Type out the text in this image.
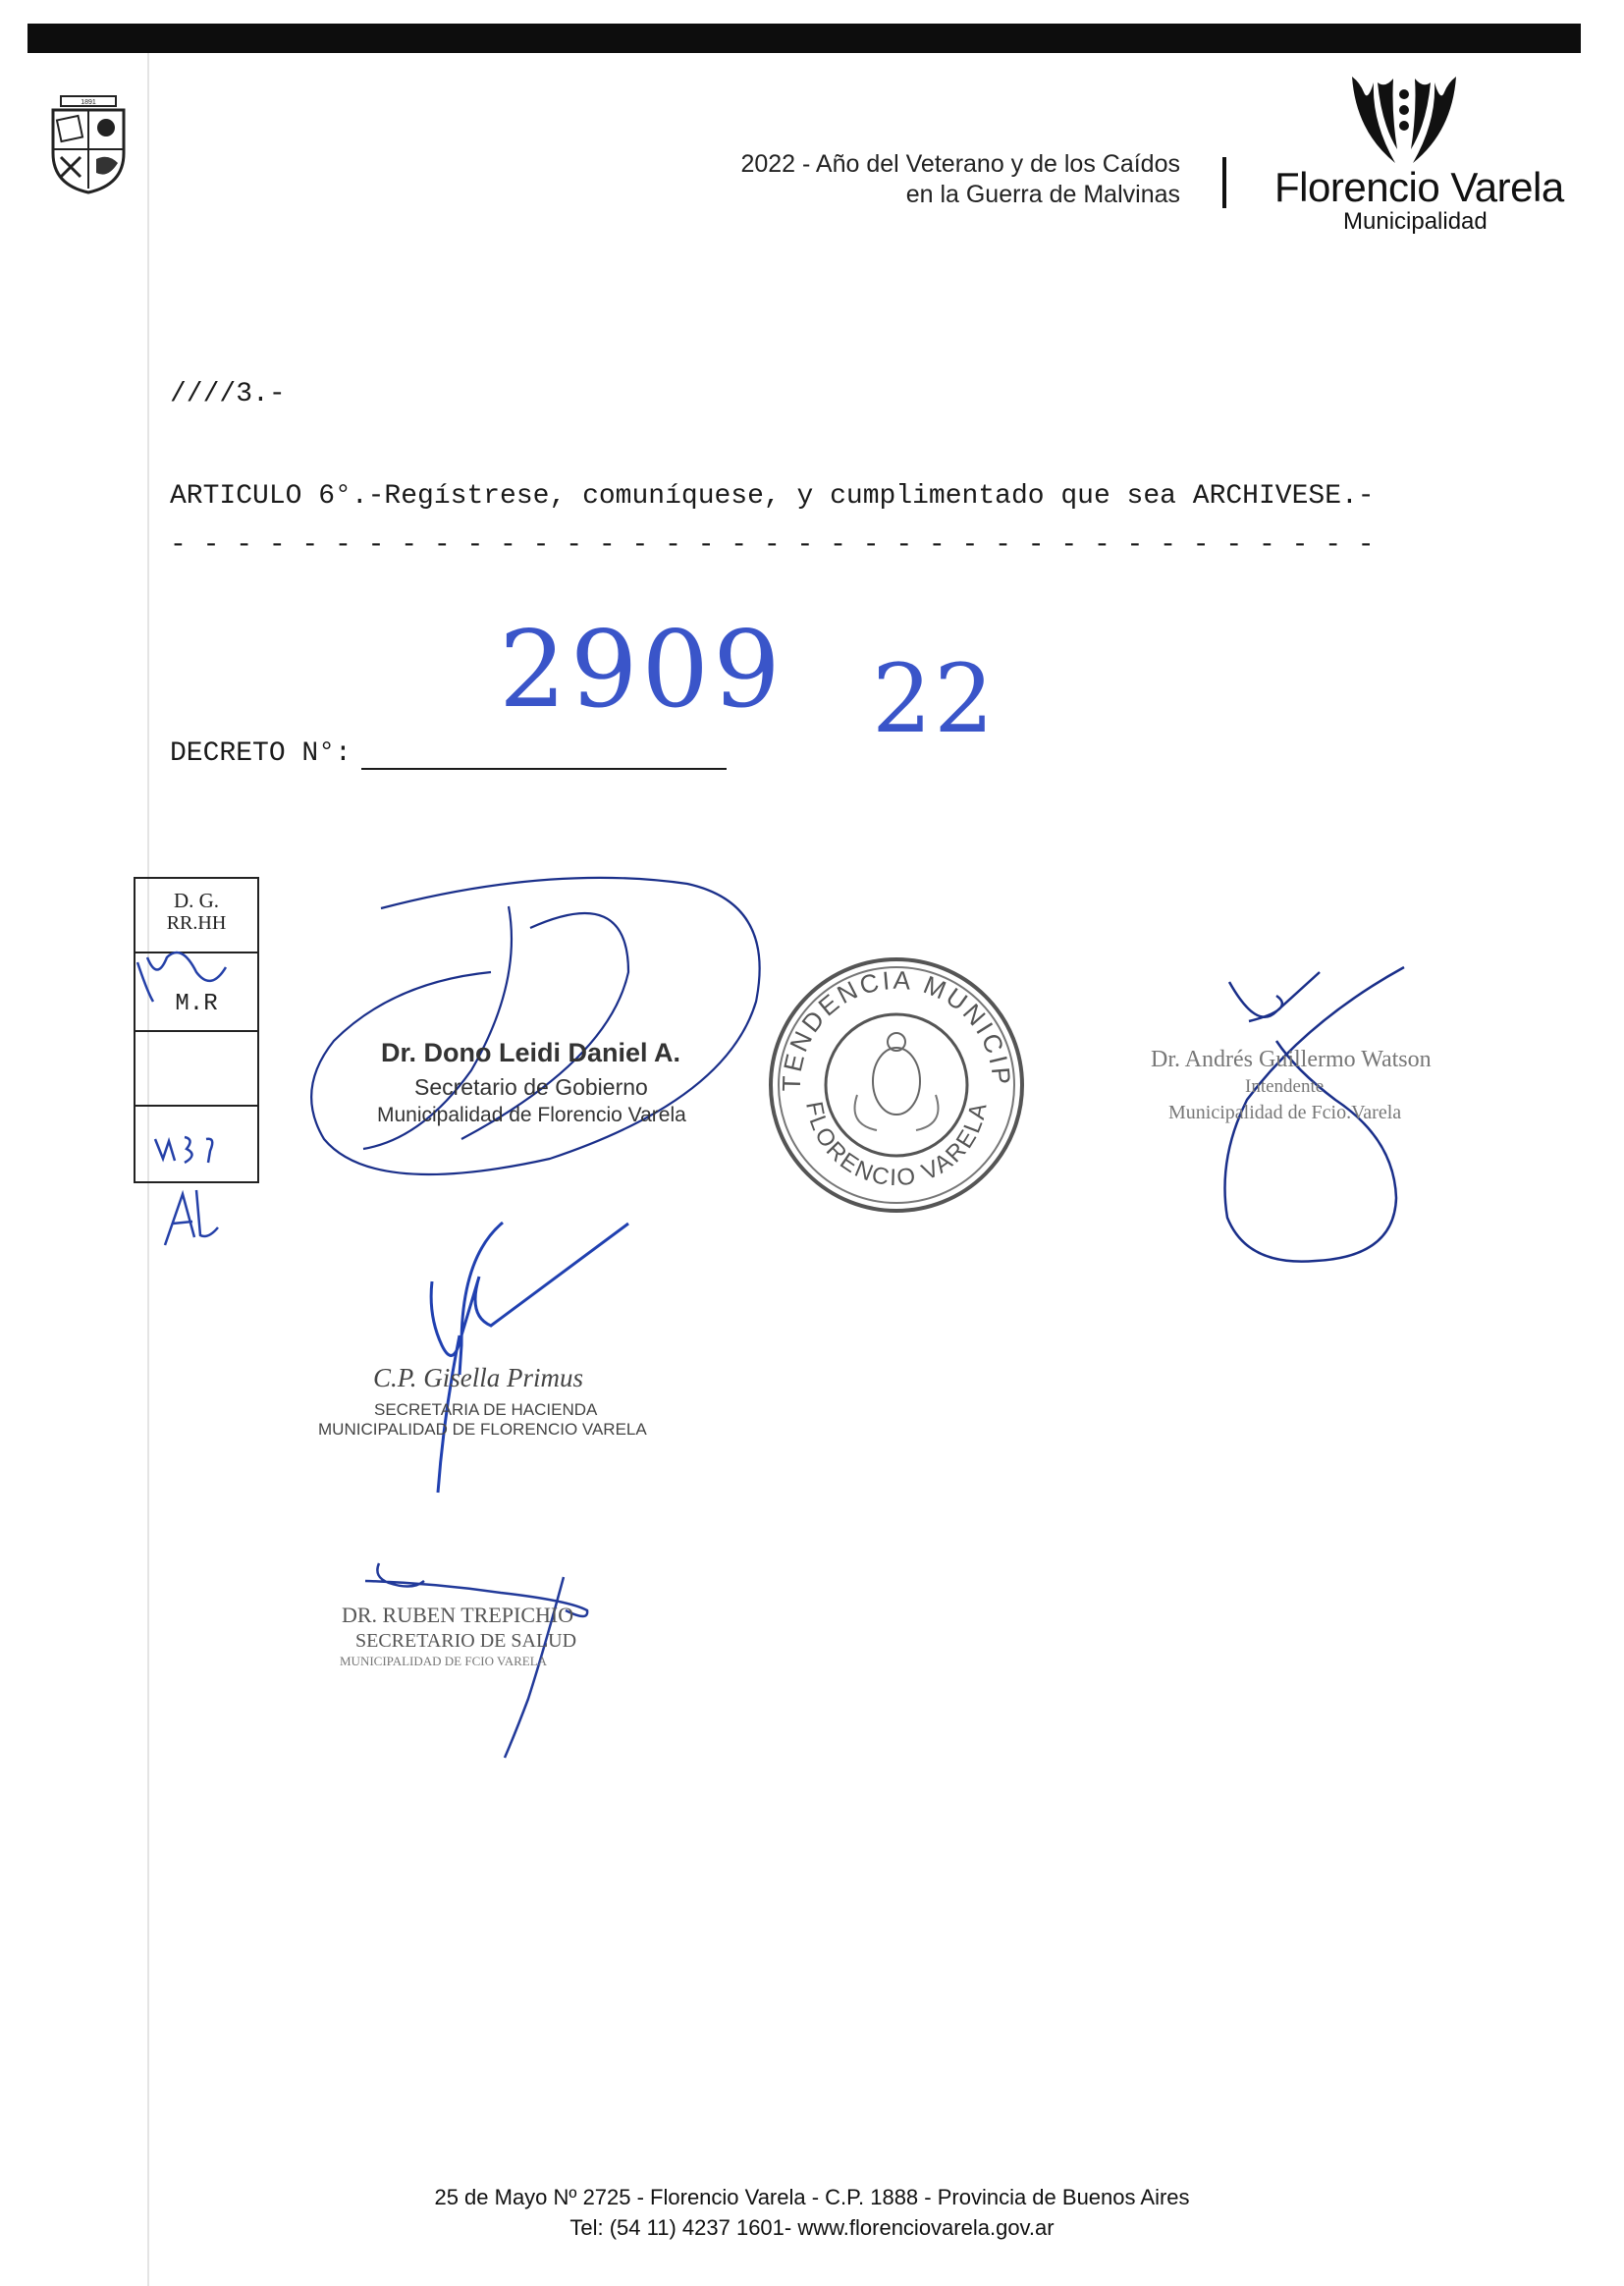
1891
2022 - Año del Veterano y de los Caídos
en la Guerra de Malvinas Florencio Varela
Municipalidad
////3.-
ARTICULO 6°.-Regístrese, comuníquese, y cumplimentado que sea ARCHIVESE.-
- - - - - - - - - - - - - - - - - - - - - - - - - - - - - - - - - - - - -
DECRETO N°:
2909 22
D. G.
RR.HH
M.R
INTENDENCIA MUNICIPAL
FLORENCIO VARELA
Dr. Dono Leidi Daniel A.
Secretario de Gobierno
Municipalidad de Florencio Varela
Dr. Andrés Guillermo Watson
Intendente
Municipalidad de Fcio.Varela
C.P. Gisella Primus
SECRETARIA DE HACIENDA
MUNICIPALIDAD DE FLORENCIO VARELA
DR. RUBEN TREPICHIO
SECRETARIO DE SALUD
MUNICIPALIDAD DE FCIO VARELA
25 de Mayo Nº 2725 - Florencio Varela - C.P. 1888 - Provincia de Buenos Aires
Tel: (54 11) 4237 1601- www.florenciovarela.gov.ar
